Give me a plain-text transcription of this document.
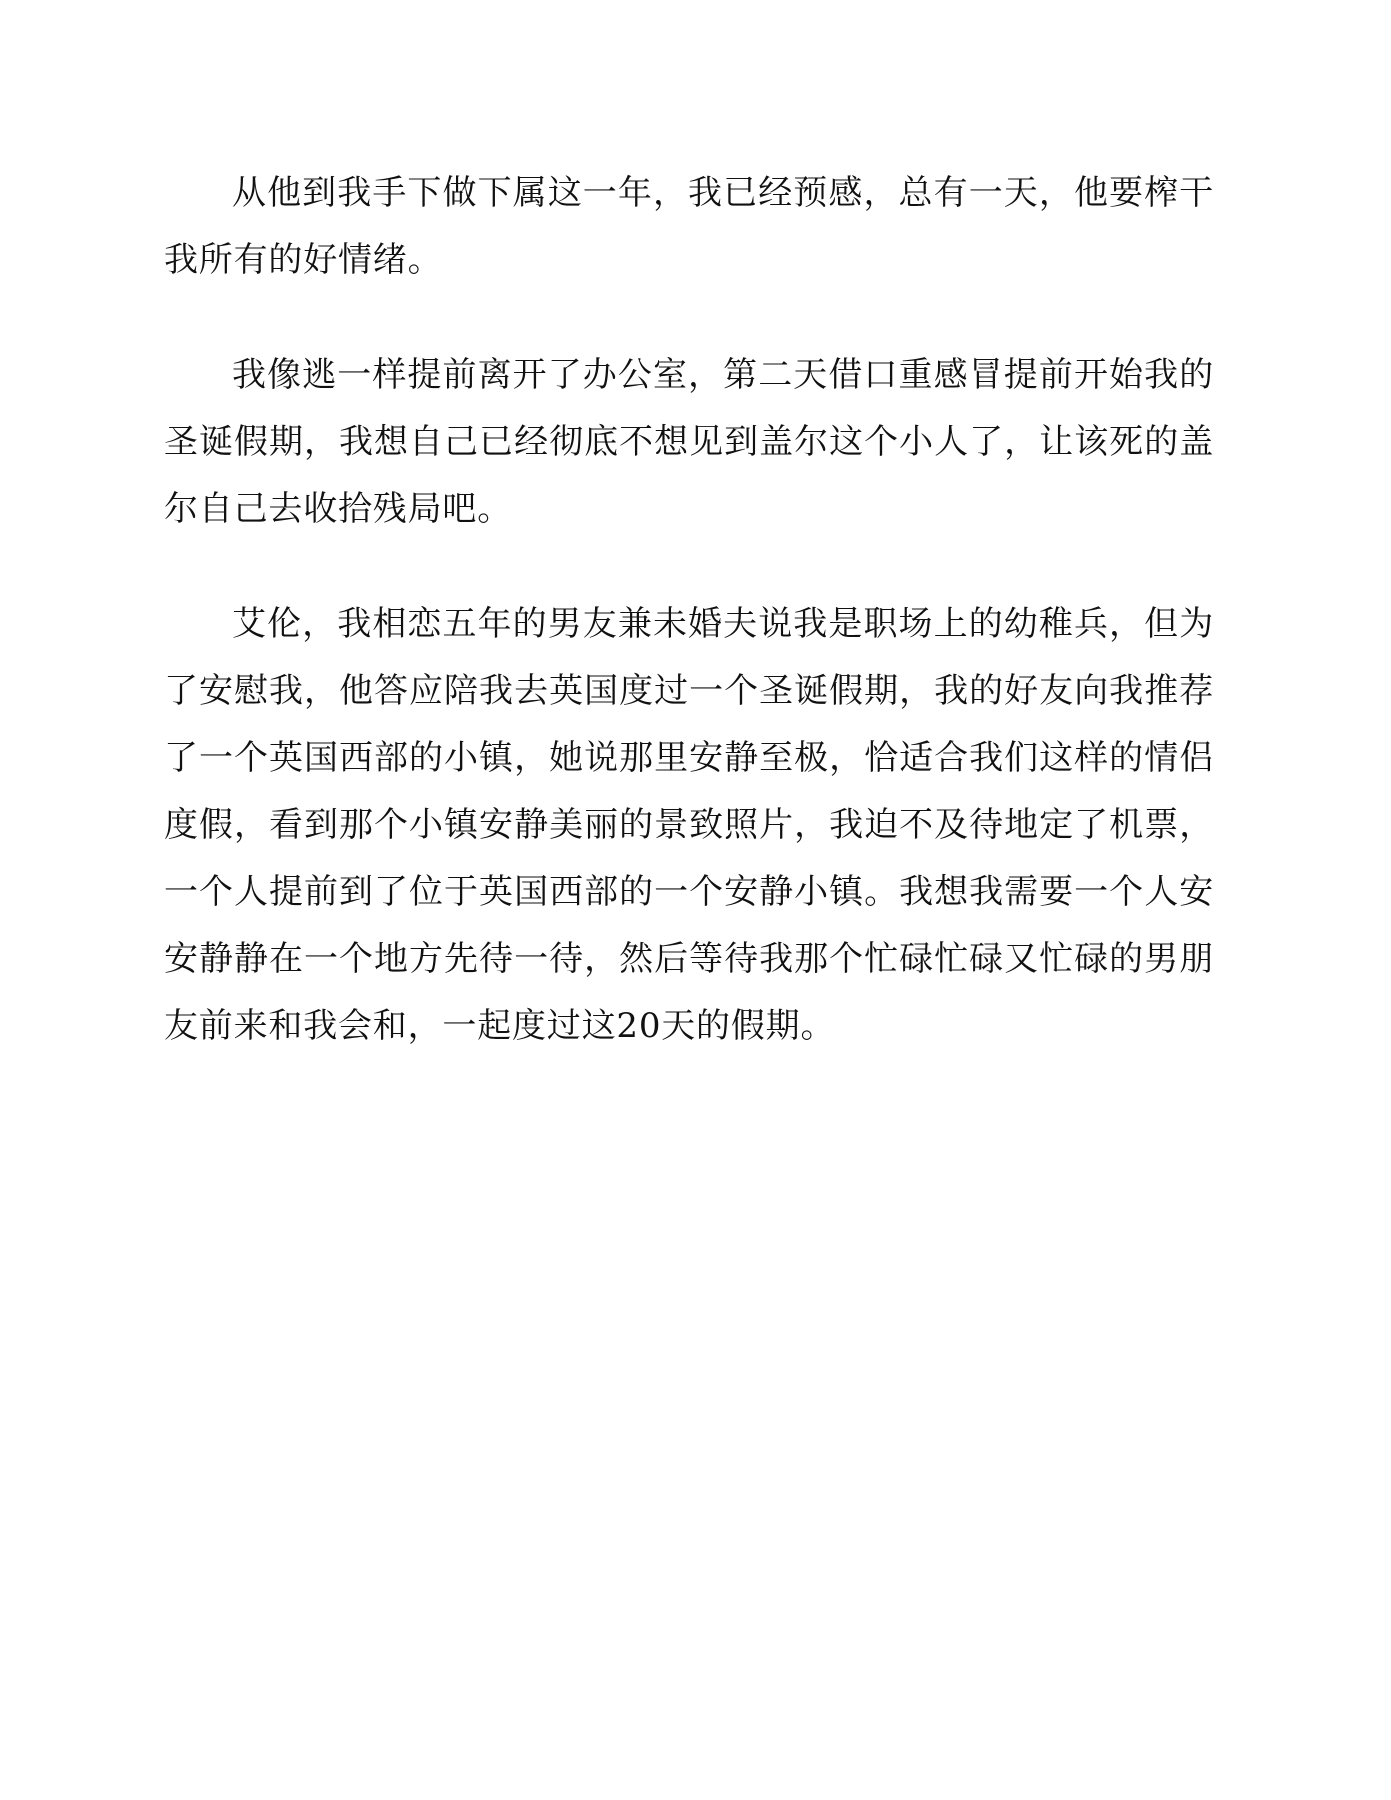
从他到我手下做下属这一年，我已经预感，总有一天，他要榨干我所有的好情绪。

我像逃一样提前离开了办公室，第二天借口重感冒提前开始我的圣诞假期，我想自己已经彻底不想见到盖尔这个小人了，让该死的盖尔自己去收拾残局吧。

艾伦，我相恋五年的男友兼未婚夫说我是职场上的幼稚兵，但为了安慰我，他答应陪我去英国度过一个圣诞假期，我的好友向我推荐了一个英国西部的小镇，她说那里安静至极，恰适合我们这样的情侣度假，看到那个小镇安静美丽的景致照片，我迫不及待地定了机票，一个人提前到了位于英国西部的一个安静小镇。我想我需要一个人安安静静在一个地方先待一待，然后等待我那个忙碌忙碌又忙碌的男朋友前来和我会和，一起度过这20天的假期。
